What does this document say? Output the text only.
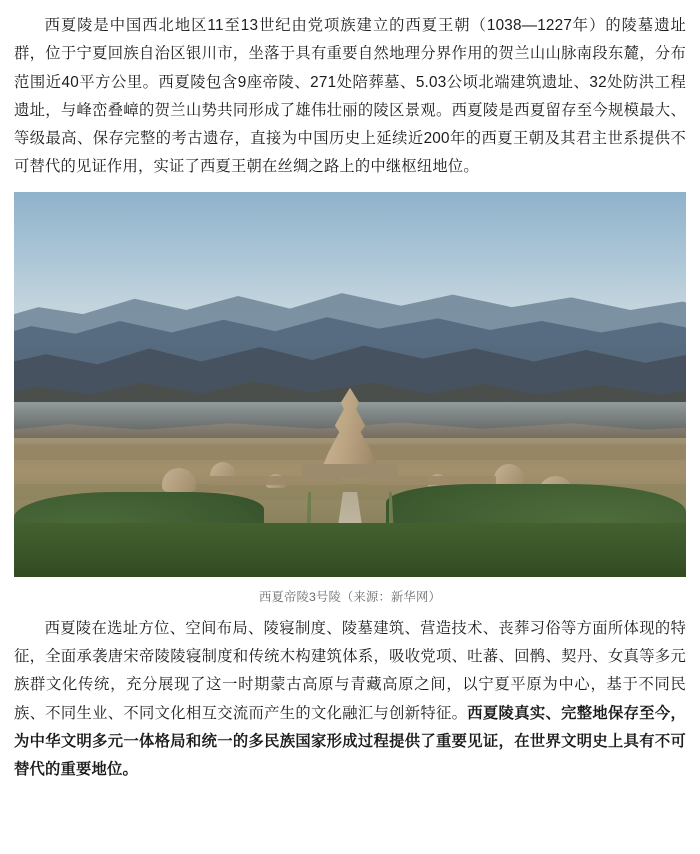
西夏陵是中国西北地区11至13世纪由党项族建立的西夏王朝（1038—1227年）的陵墓遗址群，位于宁夏回族自治区银川市，坐落于具有重要自然地理分界作用的贺兰山山脉南段东麓，分布范围近40平方公里。西夏陵包含9座帝陵、271处陪葬墓、5.03公顷北端建筑遗址、32处防洪工程遗址，与峰峦叠嶂的贺兰山势共同形成了雄伟壮丽的陵区景观。西夏陵是西夏留存至今规模最大、等级最高、保存完整的考古遗存，直接为中国历史上延续近200年的西夏王朝及其君主世系提供不可替代的见证作用，实证了西夏王朝在丝绸之路上的中继枢纽地位。

西夏帝陵3号陵（来源：新华网）

西夏陵在选址方位、空间布局、陵寝制度、陵墓建筑、营造技术、丧葬习俗等方面所体现的特征，全面承袭唐宋帝陵陵寝制度和传统木构建筑体系，吸收党项、吐蕃、回鹘、契丹、女真等多元族群文化传统，充分展现了这一时期蒙古高原与青藏高原之间，以宁夏平原为中心，基于不同民族、不同生业、不同文化相互交流而产生的文化融汇与创新特征。西夏陵真实、完整地保存至今，为中华文明多元一体格局和统一的多民族国家形成过程提供了重要见证，在世界文明史上具有不可替代的重要地位。
